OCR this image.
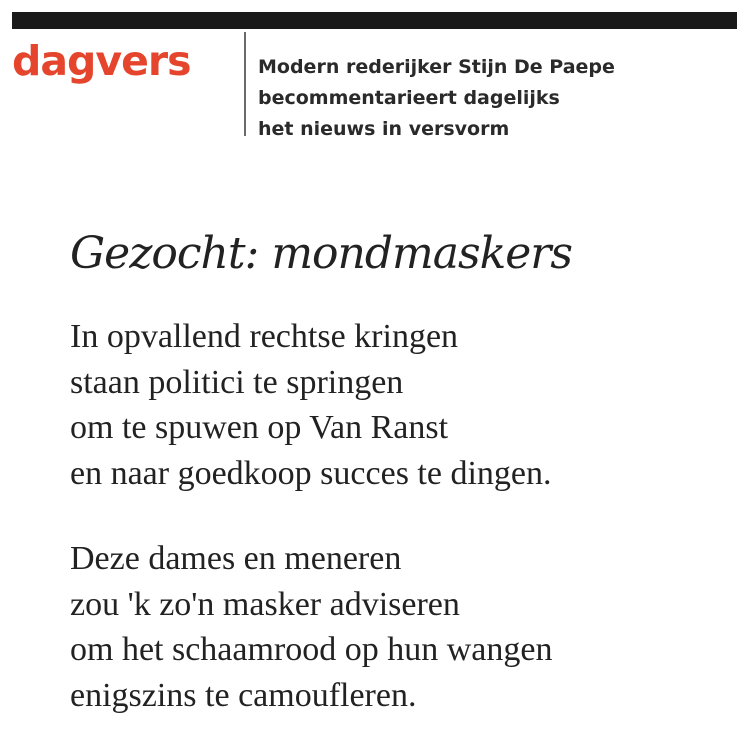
dagvers	Modern rederijker Stijn De Paepe
becommentarieert dagelijks
het nieuws in versvorm

Gezocht: mondmaskers

In opvallend rechtse kringen
staan politici te springen
om te spuwen op Van Ranst
en naar goedkoop succes te dingen.

Deze dames en meneren
zou 'k zo'n masker adviseren
om het schaamrood op hun wangen
enigszins te camoufleren.
